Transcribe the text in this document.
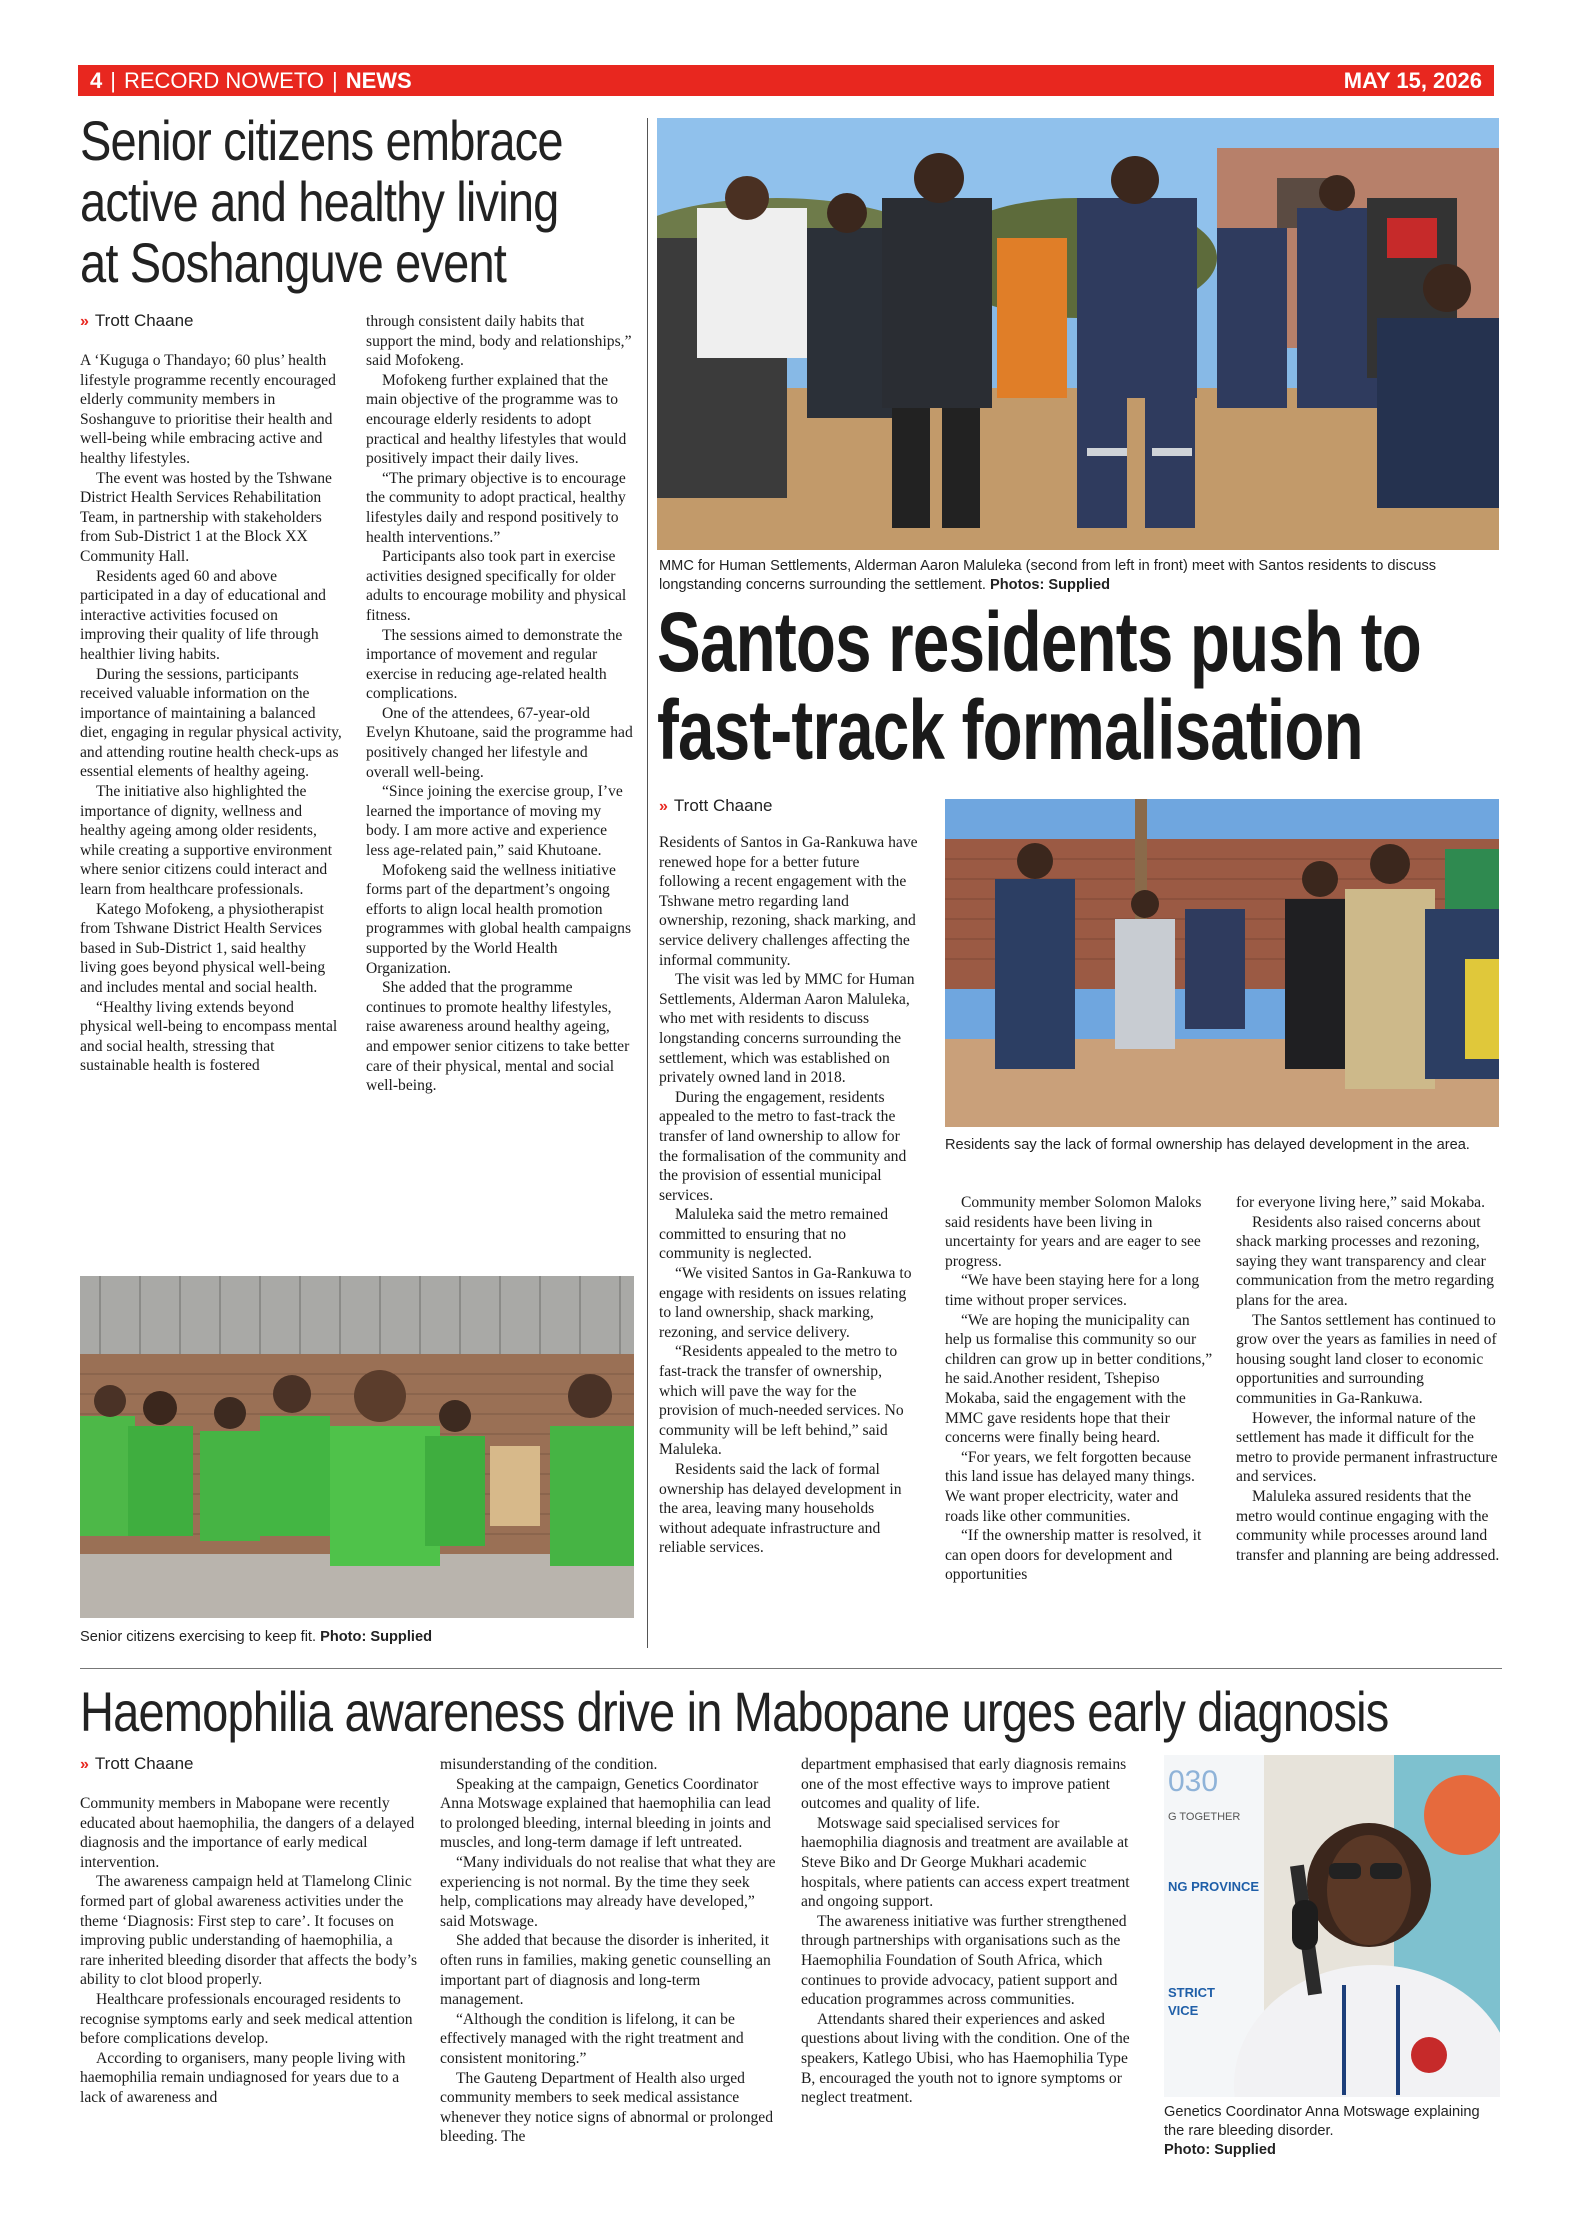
4 | RECORD NOWETO | NEWS	MAY 15, 2026
Senior citizens embrace
active and healthy living
at Soshanguve event
» Trott Chaane

A ‘Kuguga o Thandayo; 60 plus’ health lifestyle programme recently encouraged elderly community members in Soshanguve to prioritise their health and well-being while embracing active and healthy lifestyles.

The event was hosted by the Tshwane District Health Services Rehabilitation Team, in partnership with stakeholders from Sub-District 1 at the Block XX Community Hall.

Residents aged 60 and above participated in a day of educational and interactive activities focused on improving their quality of life through healthier living habits.

During the sessions, participants received valuable information on the importance of maintaining a balanced diet, engaging in regular physical activity, and attending routine health check-ups as essential elements of healthy ageing.

The initiative also highlighted the importance of dignity, wellness and healthy ageing among older residents, while creating a supportive environment where senior citizens could interact and learn from healthcare professionals.

Katego Mofokeng, a physiotherapist from Tshwane District Health Services based in Sub-District 1, said healthy living goes beyond physical well-being and includes mental and social health.

“Healthy living extends beyond physical well-being to encompass mental and social health, stressing that sustainable health is fostered

through consistent daily habits that support the mind, body and relationships,” said Mofokeng.

Mofokeng further explained that the main objective of the programme was to encourage elderly residents to adopt practical and healthy lifestyles that would positively impact their daily lives.

“The primary objective is to encourage the community to adopt practical, healthy lifestyles daily and respond positively to health interventions.”

Participants also took part in exercise activities designed specifically for older adults to encourage mobility and physical fitness.

The sessions aimed to demonstrate the importance of movement and regular exercise in reducing age-related health complications.

One of the attendees, 67-year-old Evelyn Khutoane, said the programme had positively changed her lifestyle and overall well-being.

“Since joining the exercise group, I’ve learned the importance of moving my body. I am more active and experience less age-related pain,” said Khutoane.

Mofokeng said the wellness initiative forms part of the department’s ongoing efforts to align local health promotion programmes with global health campaigns supported by the World Health Organization.

She added that the programme continues to promote healthy lifestyles, raise awareness around healthy ageing, and empower senior citizens to take better care of their physical, mental and social well-being.

Senior citizens exercising to keep fit. Photo: Supplied
MMC for Human Settlements, Alderman Aaron Maluleka (second from left in front) meet with Santos residents to discuss longstanding concerns surrounding the settlement. Photos: Supplied
Santos residents push to
fast-track formalisation
» Trott Chaane

Residents of Santos in Ga-Rankuwa have renewed hope for a better future following a recent engagement with the Tshwane metro regarding land ownership, rezoning, shack marking, and service delivery challenges affecting the informal community.

The visit was led by MMC for Human Settlements, Alderman Aaron Maluleka, who met with residents to discuss longstanding concerns surrounding the settlement, which was established on privately owned land in 2018.

During the engagement, residents appealed to the metro to fast-track the transfer of land ownership to allow for the formalisation of the community and the provision of essential municipal services.

Maluleka said the metro remained committed to ensuring that no community is neglected.

“We visited Santos in Ga-Rankuwa to engage with residents on issues relating to land ownership, shack marking, rezoning, and service delivery.

“Residents appealed to the metro to fast-track the transfer of ownership, which will pave the way for the provision of much-needed services. No community will be left behind,” said Maluleka.

Residents said the lack of formal ownership has delayed development in the area, leaving many households without adequate infrastructure and reliable services.

Residents say the lack of formal ownership has delayed development in the area.

Community member Solomon Maloks said residents have been living in uncertainty for years and are eager to see progress.

“We have been staying here for a long time without proper services.

“We are hoping the municipality can help us formalise this community so our children can grow up in better conditions,” he said.Another resident, Tshepiso Mokaba, said the engagement with the MMC gave residents hope that their concerns were finally being heard.

“For years, we felt forgotten because this land issue has delayed many things. We want proper electricity, water and roads like other communities.

“If the ownership matter is resolved, it can open doors for development and opportunities

for everyone living here,” said Mokaba.

Residents also raised concerns about shack marking processes and rezoning, saying they want transparency and clear communication from the metro regarding plans for the area.

The Santos settlement has continued to grow over the years as families in need of housing sought land closer to economic opportunities and surrounding communities in Ga-Rankuwa.

However, the informal nature of the settlement has made it difficult for the metro to provide permanent infrastructure and services.

Maluleka assured residents that the metro would continue engaging with the community while processes around land transfer and planning are being addressed.

Haemophilia awareness drive in Mabopane urges early diagnosis
» Trott Chaane

Community members in Mabopane were recently educated about haemophilia, the dangers of a delayed diagnosis and the importance of early medical intervention.

The awareness campaign held at Tlamelong Clinic formed part of global awareness activities under the theme ‘Diagnosis: First step to care’. It focuses on improving public understanding of haemophilia, a rare inherited bleeding disorder that affects the body’s ability to clot blood properly.

Healthcare professionals encouraged residents to recognise symptoms early and seek medical attention before complications develop.

According to organisers, many people living with haemophilia remain undiagnosed for years due to a lack of awareness and

misunderstanding of the condition.

Speaking at the campaign, Genetics Coordinator Anna Motswage explained that haemophilia can lead to prolonged bleeding, internal bleeding in joints and muscles, and long-term damage if left untreated.

“Many individuals do not realise that what they are experiencing is not normal. By the time they seek help, complications may already have developed,” said Motswage.

She added that because the disorder is inherited, it often runs in families, making genetic counselling an important part of diagnosis and long-term management.

“Although the condition is lifelong, it can be effectively managed with the right treatment and consistent monitoring.”

The Gauteng Department of Health also urged community members to seek medical assistance whenever they notice signs of abnormal or prolonged bleeding. The

department emphasised that early diagnosis remains one of the most effective ways to improve patient outcomes and quality of life.

Motswage said specialised services for haemophilia diagnosis and treatment are available at Steve Biko and Dr George Mukhari academic hospitals, where patients can access expert treatment and ongoing support.

The awareness initiative was further strengthened through partnerships with organisations such as the Haemophilia Foundation of South Africa, which continues to provide advocacy, patient support and education programmes across communities.

Attendants shared their experiences and asked questions about living with the condition. One of the speakers, Katlego Ubisi, who has Haemophilia Type B, encouraged the youth not to ignore symptoms or neglect treatment.

030
G TOGETHER
NG PROVINCE
STRICT
VICE
Genetics Coordinator Anna Motswage explaining the rare bleeding disorder.
Photo: Supplied
